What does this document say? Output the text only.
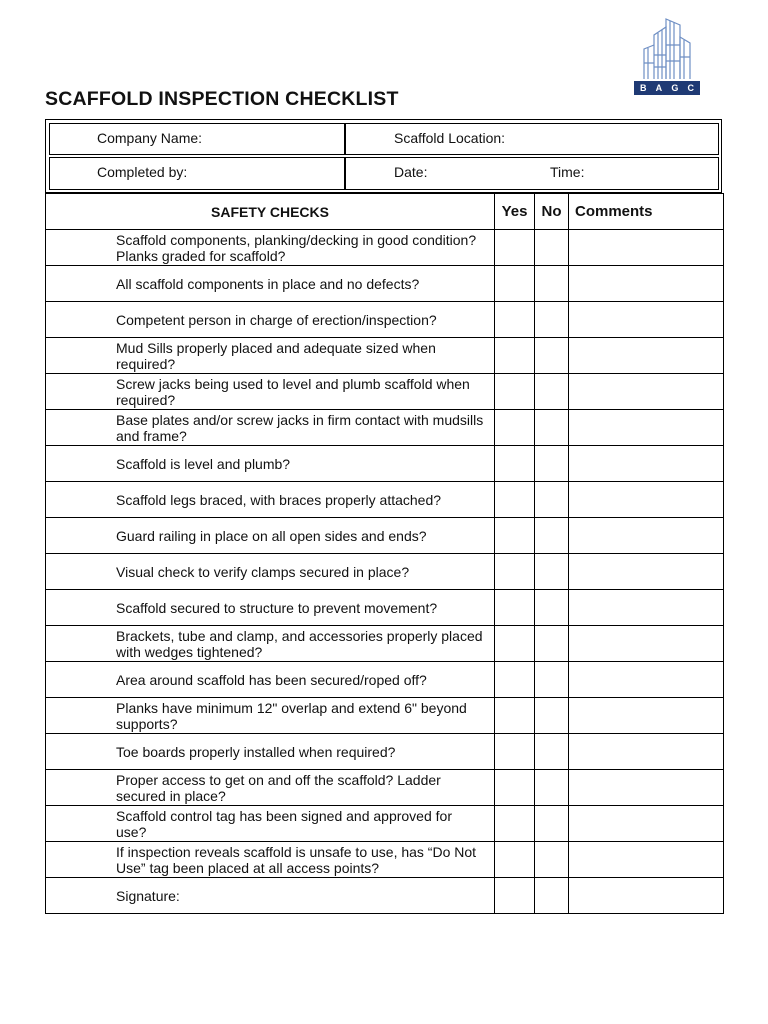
B A G C
SCAFFOLD INSPECTION CHECKLIST
Company Name:	Scaffold Location:
Completed by:	Date:	Time:
SAFETY CHECKS	Yes	No	Comments
Scaffold components, planking/decking in good condition? Planks graded for scaffold?			
All scaffold components in place and no defects?			
Competent person in charge of erection/inspection?			
Mud Sills properly placed and adequate sized when required?			
Screw jacks being used to level and plumb scaffold when required?			
Base plates and/or screw jacks in firm contact with mudsills and frame?			
Scaffold is level and plumb?			
Scaffold legs braced, with braces properly attached?			
Guard railing in place on all open sides and ends?			
Visual check to verify clamps secured in place?			
Scaffold secured to structure to prevent movement?			
Brackets, tube and clamp, and accessories properly placed with wedges tightened?			
Area around scaffold has been secured/roped off?			
Planks have minimum 12" overlap and extend 6" beyond supports?			
Toe boards properly installed when required?			
Proper access to get on and off the scaffold? Ladder secured in place?			
Scaffold control tag has been signed and approved for use?			
If inspection reveals scaffold is unsafe to use, has “Do Not Use” tag been placed at all access points?			
Signature:			
